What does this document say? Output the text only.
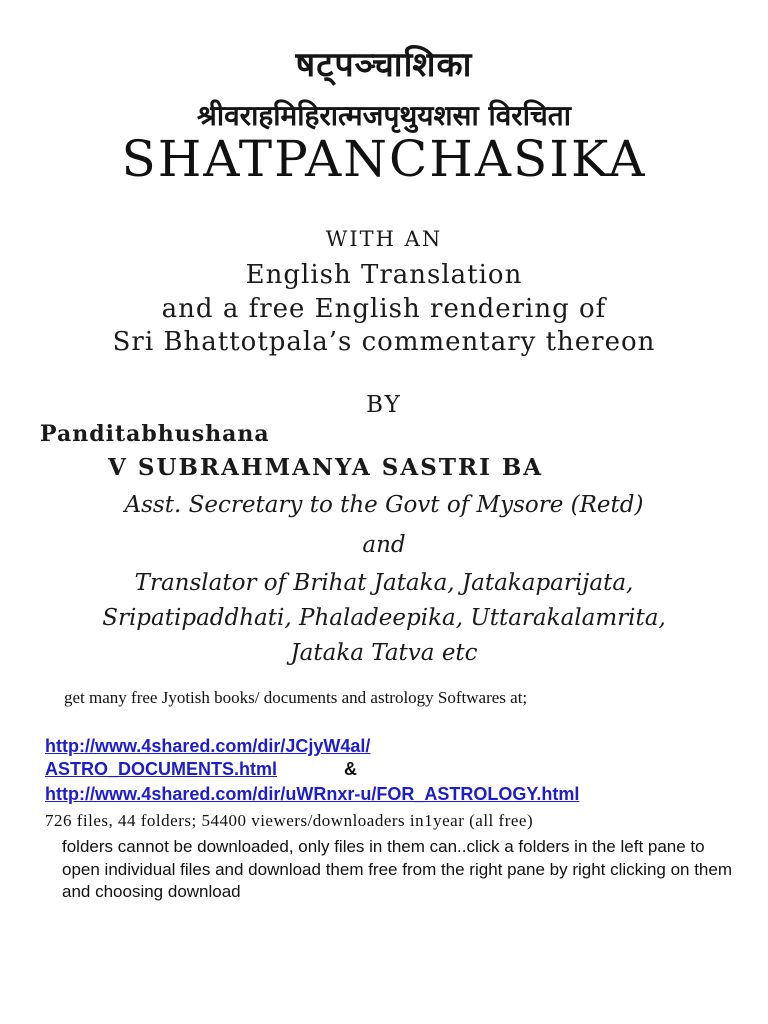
षट्पञ्चाशिका
श्रीवराहमिहिरात्मजपृथुयशसा विरचिता
SHATPANCHASIKA
WITH AN
English Translation
and a free English rendering of
Sri Bhattotpala’s commentary thereon
BY
Panditabhushana
V SUBRAHMANYA SASTRI BA
Asst. Secretary to the Govt of Mysore (Retd)
and
Translator of Brihat Jataka, Jatakaparijata,
Sripatipaddhati, Phaladeepika, Uttarakalamrita,
Jataka Tatva etc
get many free Jyotish books/ documents and astrology Softwares at;
http://www.4shared.com/dir/JCjyW4al/
ASTRO_DOCUMENTS.html	&
http://www.4shared.com/dir/uWRnxr-u/FOR_ASTROLOGY.html
726 files, 44 folders; 54400 viewers/downloaders in1year (all free)
folders cannot be downloaded, only files in them can..click a folders in the left pane to open individual files and download them free from the right pane by right clicking on them and choosing download
